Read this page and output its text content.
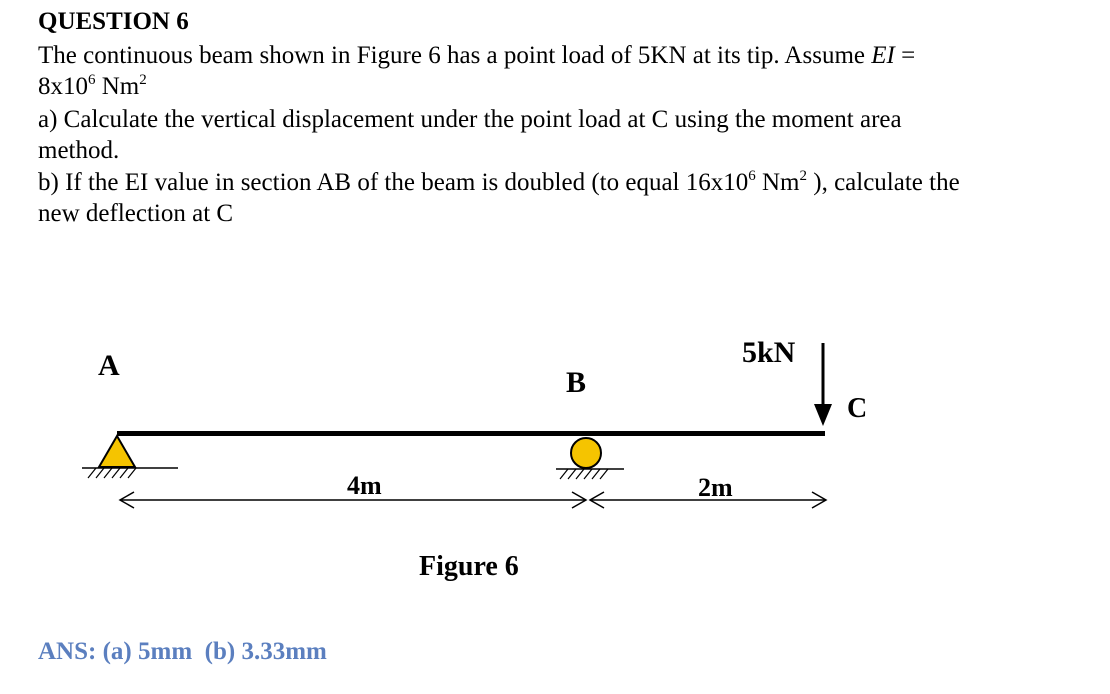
QUESTION 6
The continuous beam shown in Figure 6 has a point load of 5KN at its tip. Assume EI =
$8x10^6$ Nm$^2$
a) Calculate the vertical displacement under the point load at C using the moment area
method.
b) If the EI value in section AB of the beam is doubled (to equal $16x10^6$ Nm$^2$ ), calculate the
new deflection at C
A
B
C
5kN
4m	2m
Figure 6
ANS: (a) 5mm  (b) 3.33mm
